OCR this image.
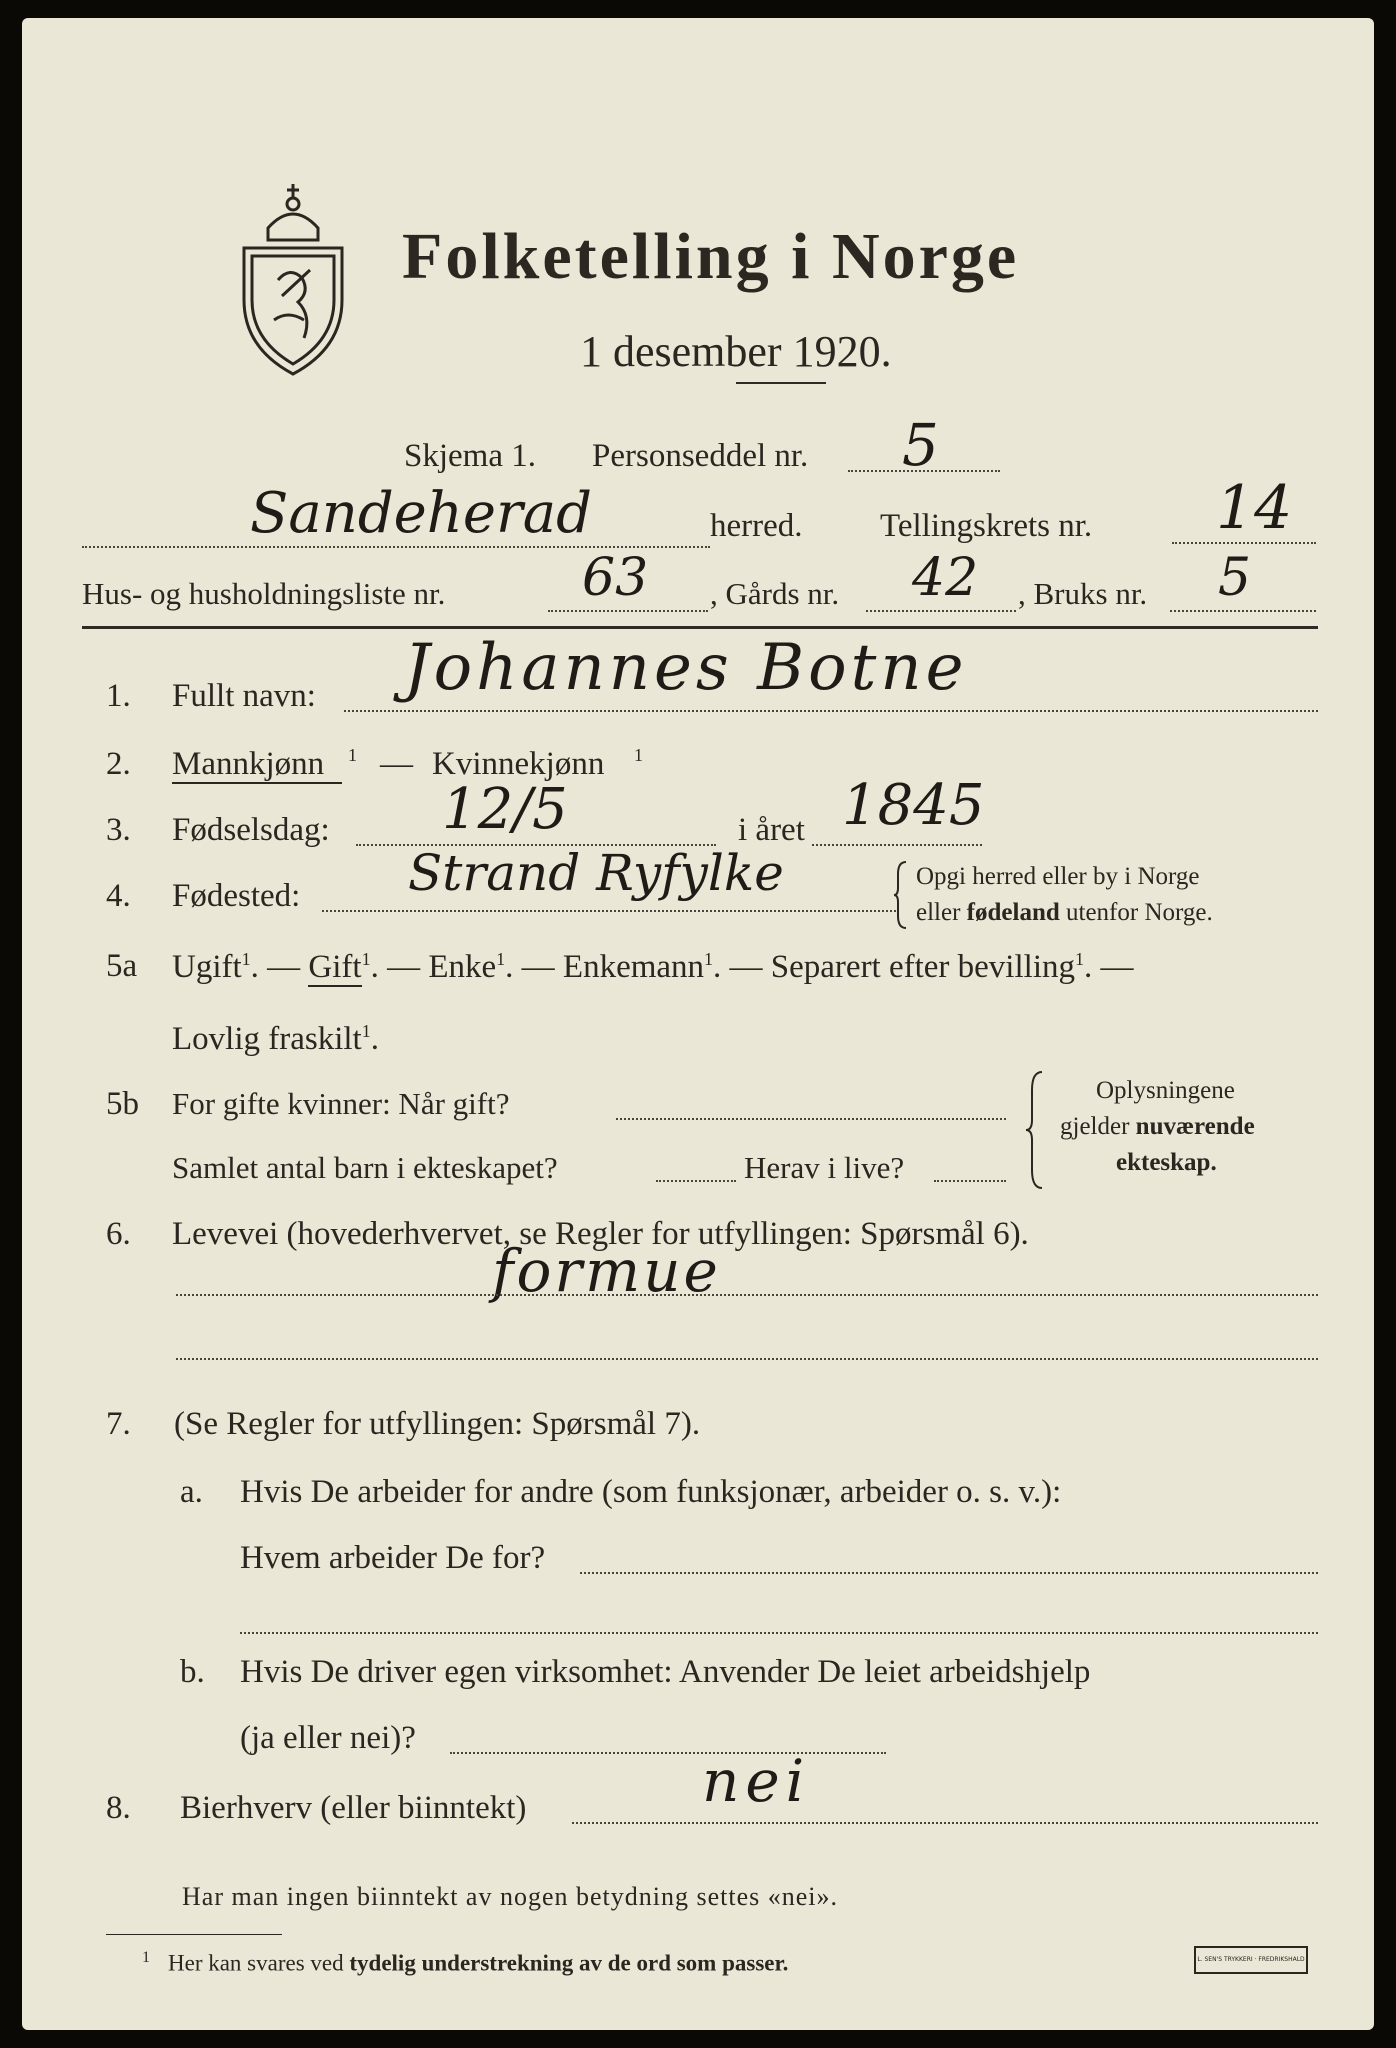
Folketelling i Norge
1 desember 1920.
Skjema 1. Personseddel nr. 5
Sandeherad	herred. Tellingskrets nr. 14
Hus- og husholdningsliste nr.	63 , Gårds nr. 42 , Bruks nr. 5
1. Fullt navn: Johannes Botne
2. Mannkjønn 1 — Kvinnekjønn 1
3. Fødselsdag: 12/5	i året 1845
4. Fødested: Strand Ryfylke	Opgi herred eller by i Norge
eller fødeland utenfor Norge.
5a Ugift$^1$. — Gift$^1$. — Enke$^1$. — Enkemann$^1$. — Separert efter bevilling$^1$. —
Lovlig fraskilt$^1$.
5b For gifte kvinner: Når gift?
Samlet antal barn i ekteskapet?	Herav i live?
Oplysningene
gjelder nuværende
ekteskap.
6. Levevei (hovederhvervet, se Regler for utfyllingen: Spørsmål 6).
formue
7. (Se Regler for utfyllingen: Spørsmål 7).
a. Hvis De arbeider for andre (som funksjonær, arbeider o. s. v.):
Hvem arbeider De for?
b. Hvis De driver egen virksomhet: Anvender De leiet arbeidshjelp
(ja eller nei)?
8. Bierhverv (eller biinntekt)	nei
Har man ingen biinntekt av nogen betydning settes «nei».
$^1$ Her kan svares ved tydelig understrekning av de ord som passer.	L. SEN'S TRYKKERI · FREDRIKSHALD
